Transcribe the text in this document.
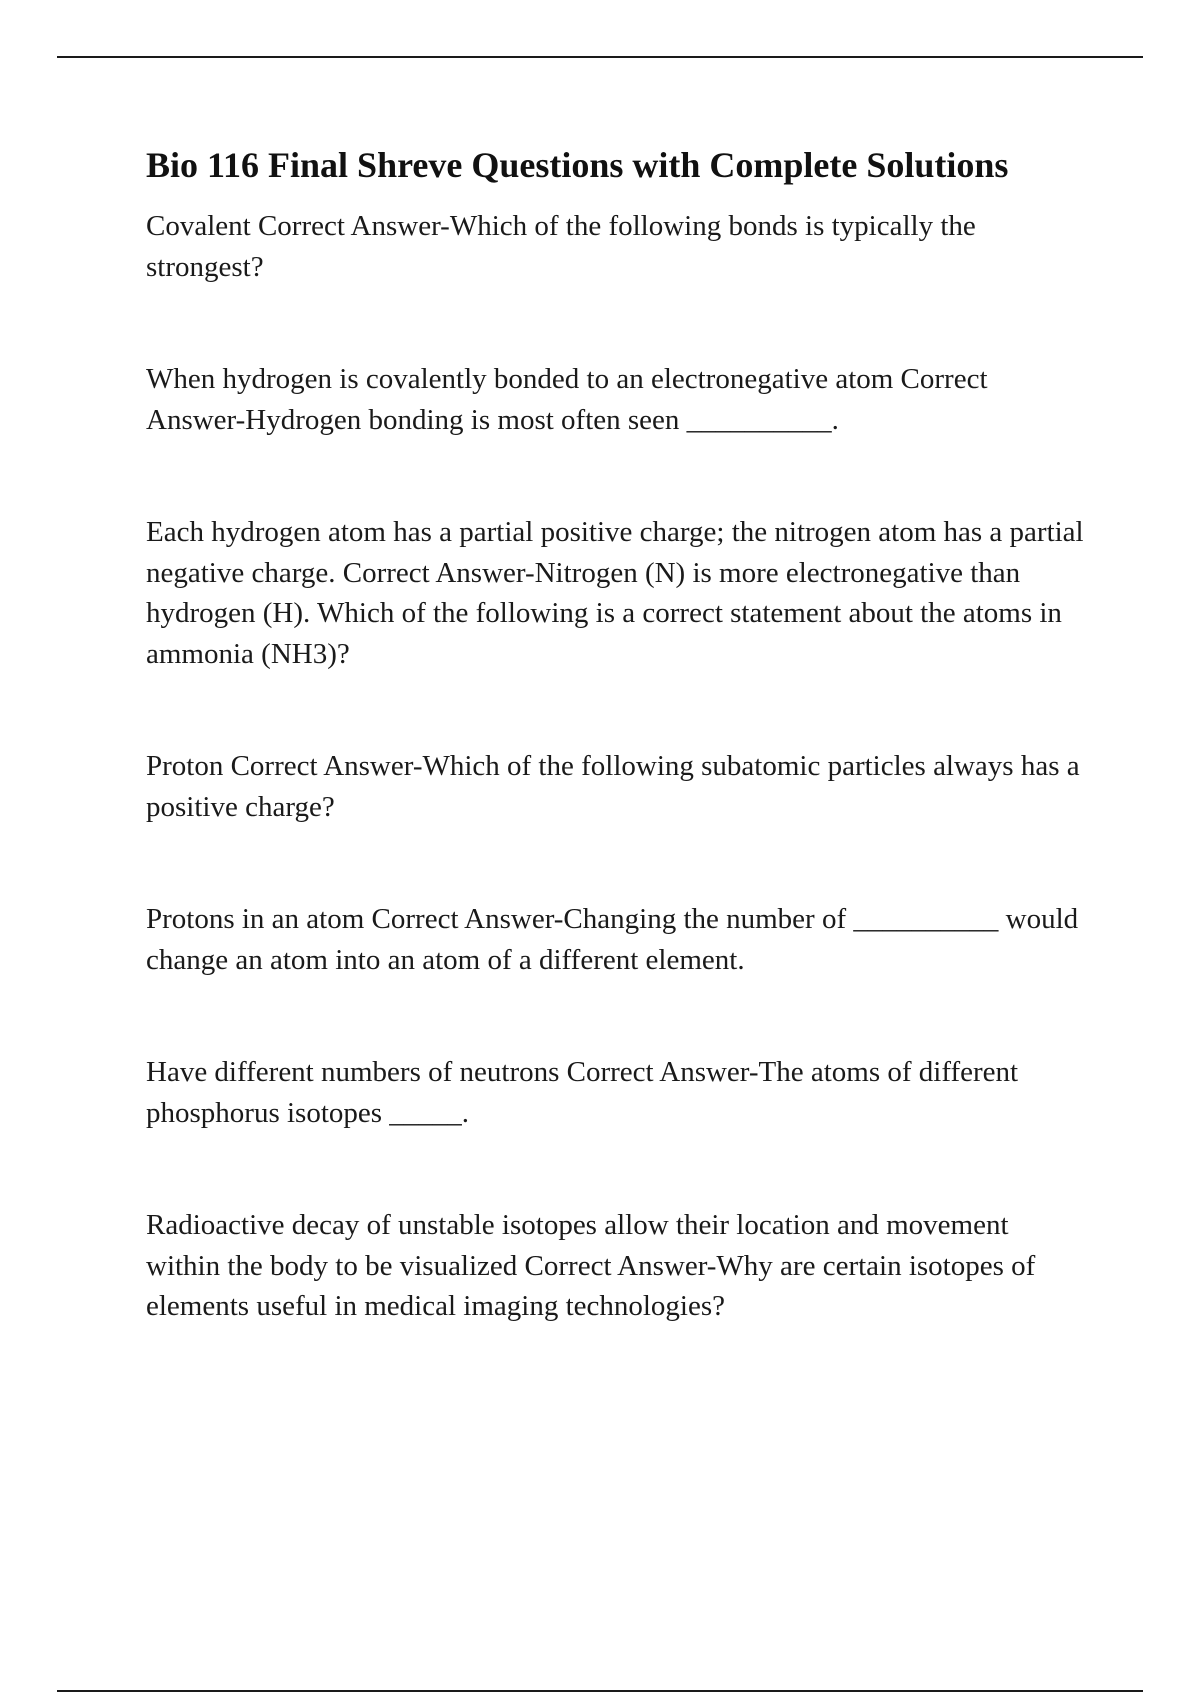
Bio 116 Final Shreve Questions with Complete Solutions

Covalent Correct Answer-Which of the following bonds is typically the strongest?

When hydrogen is covalently bonded to an electronegative atom Correct Answer-Hydrogen bonding is most often seen __________.

Each hydrogen atom has a partial positive charge; the nitrogen atom has a partial negative charge. Correct Answer-Nitrogen (N) is more electronegative than hydrogen (H). Which of the following is a correct statement about the atoms in ammonia (NH3)?

Proton Correct Answer-Which of the following subatomic particles always has a positive charge?

Protons in an atom Correct Answer-Changing the number of __________ would change an atom into an atom of a different element.

Have different numbers of neutrons Correct Answer-The atoms of different phosphorus isotopes _____.

Radioactive decay of unstable isotopes allow their location and movement within the body to be visualized Correct Answer-Why are certain isotopes of elements useful in medical imaging technologies?
